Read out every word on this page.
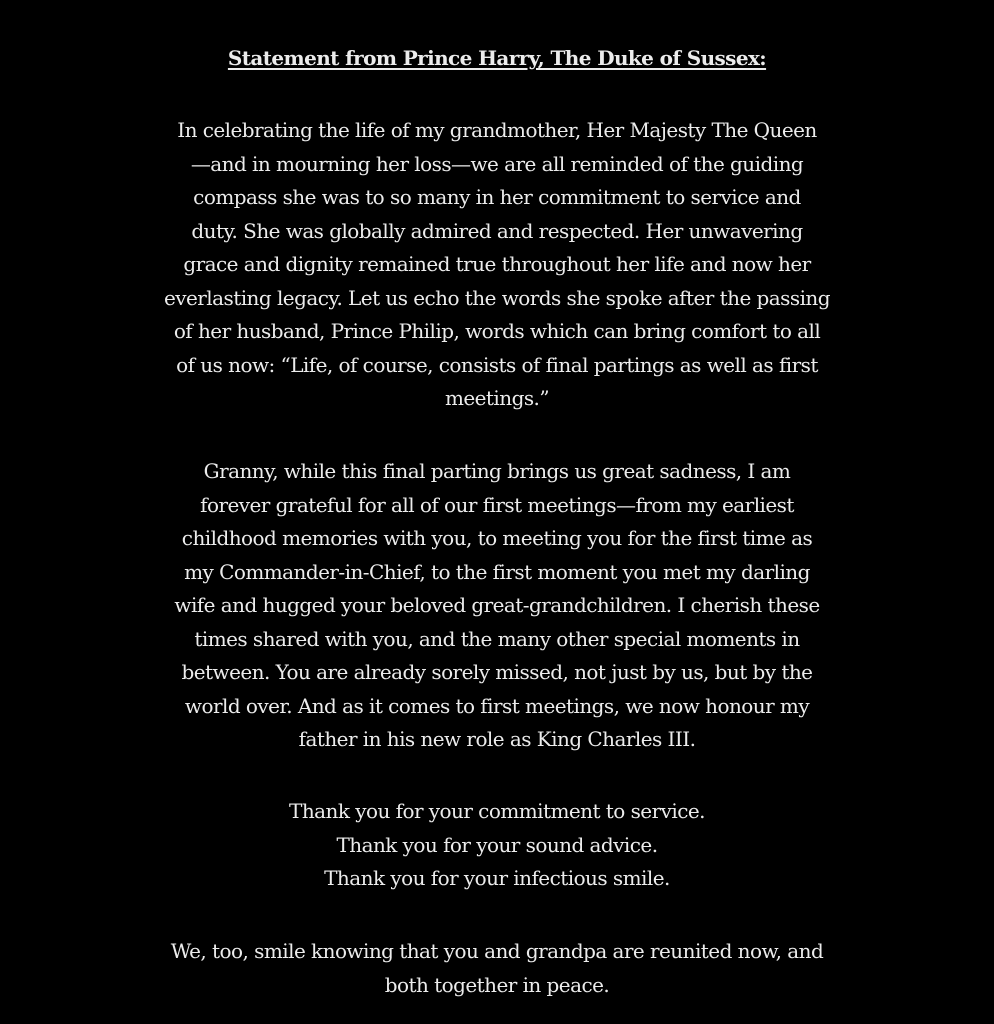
Statement from Prince Harry, The Duke of Sussex:
In celebrating the life of my grandmother, Her Majesty The Queen
—and in mourning her loss—we are all reminded of the guiding
compass she was to so many in her commitment to service and
duty. She was globally admired and respected. Her unwavering
grace and dignity remained true throughout her life and now her
everlasting legacy. Let us echo the words she spoke after the passing
of her husband, Prince Philip, words which can bring comfort to all
of us now: “Life, of course, consists of final partings as well as first
meetings.”
Granny, while this final parting brings us great sadness, I am
forever grateful for all of our first meetings—from my earliest
childhood memories with you, to meeting you for the first time as
my Commander-in-Chief, to the first moment you met my darling
wife and hugged your beloved great-grandchildren. I cherish these
times shared with you, and the many other special moments in
between. You are already sorely missed, not just by us, but by the
world over. And as it comes to first meetings, we now honour my
father in his new role as King Charles III.
Thank you for your commitment to service.
Thank you for your sound advice.
Thank you for your infectious smile.
We, too, smile knowing that you and grandpa are reunited now, and
both together in peace.
